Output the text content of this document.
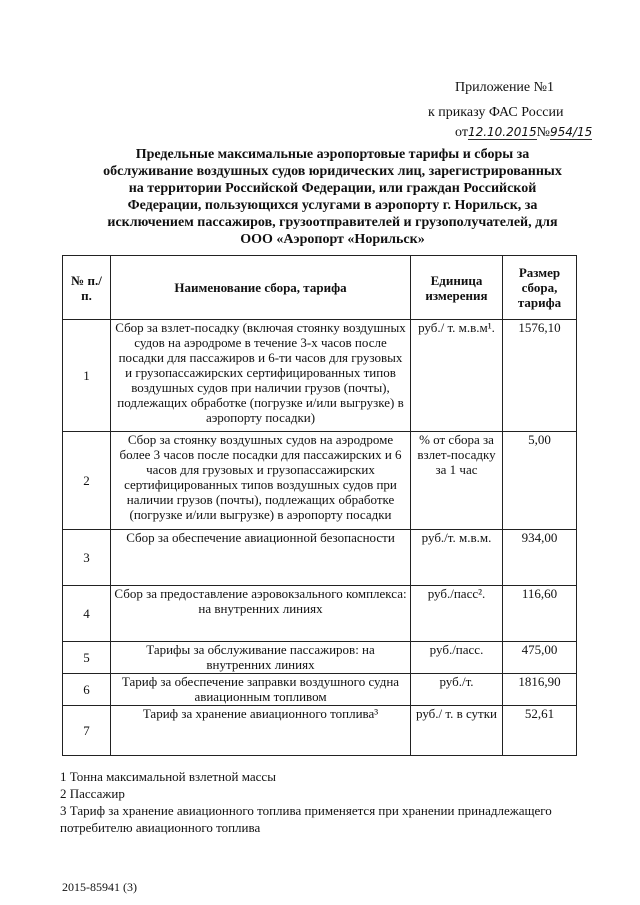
Приложение №1
к приказу ФАС России
от12.10.2015№954/15
Предельные максимальные аэропортовые тарифы и сборы за обслуживание воздушных судов юридических лиц, зарегистрированных на территории Российской Федерации, или граждан Российской Федерации, пользующихся услугами в аэропорту г. Норильск, за исключением пассажиров, грузоотправителей и грузополучателей, для ООО «Аэропорт «Норильск»
№ п./п.	Наименование сбора, тарифа	Единица измерения	Размер сбора, тарифа
1	Сбор за взлет-посадку (включая стоянку воздушных судов на аэродроме в течение 3-х часов после посадки для пассажиров и 6-ти часов для грузовых и грузопассажирских сертифицированных типов воздушных судов при наличии грузов (почты), подлежащих обработке (погрузке и/или выгрузке) в аэропорту посадки)	руб./ т. м.в.м¹.	1576,10
2	Сбор за стоянку воздушных судов на аэродроме более 3 часов после посадки для пассажирских и 6 часов для грузовых и грузопассажирских сертифицированных типов воздушных судов при наличии грузов (почты), подлежащих обработке (погрузке и/или выгрузке) в аэропорту посадки	% от сбора за взлет-посадку за 1 час	5,00
3	Сбор за обеспечение авиационной безопасности	руб./т. м.в.м.	934,00
4	Сбор за предоставление аэровокзального комплекса: на внутренних линиях	руб./пасс².	116,60
5	Тарифы за обслуживание пассажиров: на внутренних линиях	руб./пасс.	475,00
6	Тариф за обеспечение заправки воздушного судна авиационным топливом	руб./т.	1816,90
7	Тариф за хранение авиационного топлива³	руб./ т. в сутки	52,61
1 Тонна максимальной взлетной массы
2 Пассажир
3 Тариф за хранение авиационного топлива применяется при хранении принадлежащего потребителю авиационного топлива
2015-85941 (3)
